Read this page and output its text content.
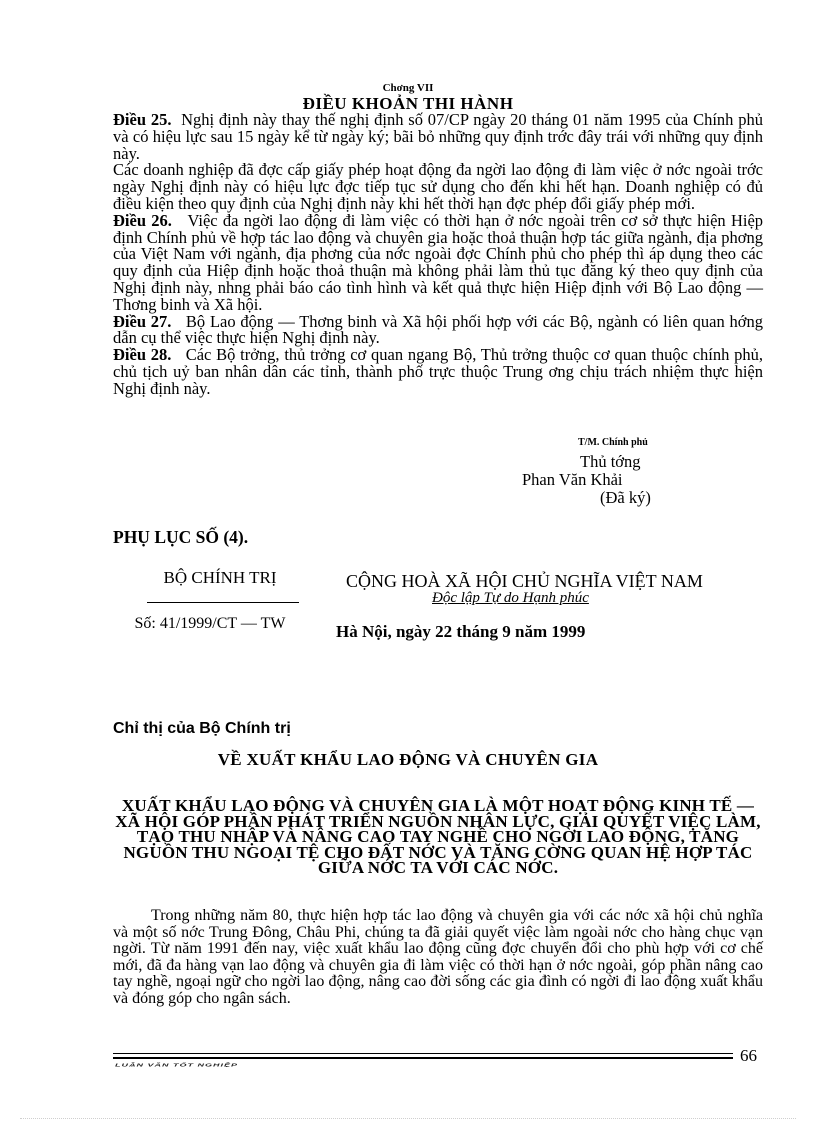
Chơng VII
ĐIỀU KHOẢN THI HÀNH

Điều 25. Nghị định này thay thế nghị định số 07/CP ngày 20 tháng 01 năm 1995 của Chính phủ và có hiệu lực sau 15 ngày kể từ ngày ký; bãi bỏ những quy định trớc đây trái với những quy định này.

Các doanh nghiệp đã đợc cấp giấy phép hoạt động đa ngời lao động đi làm việc ở nớc ngoài trớc ngày Nghị định này có hiệu lực đợc tiếp tục sử dụng cho đến khi hết hạn. Doanh nghiệp có đủ điều kiện theo quy định của Nghị định này khi hết thời hạn đợc phép đổi giấy phép mới.

Điều 26. Việc đa ngời lao động đi làm việc có thời hạn ở nớc ngoài trên cơ sở thực hiện Hiệp định Chính phủ về hợp tác lao động và chuyên gia hoặc thoả thuận hợp tác giữa ngành, địa phơng của Việt Nam với ngành, địa phơng của nớc ngoài đợc Chính phủ cho phép thì áp dụng theo các quy định của Hiệp định hoặc thoả thuận mà không phải làm thủ tục đăng ký theo quy định của Nghị định này, nhng phải báo cáo tình hình và kết quả thực hiện Hiệp định với Bộ Lao động — Thơng binh và Xã hội.

Điều 27. Bộ Lao động — Thơng binh và Xã hội phối hợp với các Bộ, ngành có liên quan hớng dẫn cụ thể việc thực hiện Nghị định này.

Điều 28. Các Bộ trởng, thủ trởng cơ quan ngang Bộ, Thủ trởng thuộc cơ quan thuộc chính phủ, chủ tịch uỷ ban nhân dân các tỉnh, thành phố trực thuộc Trung ơng chịu trách nhiệm thực hiện Nghị định này.

T/M. Chính phủ
Thủ tớng
Phan Văn Khải
(Đã ký)
PHỤ LỤC SỐ (4).
BỘ CHÍNH TRỊ
Số: 41/1999/CT — TW
CỘNG HOÀ XÃ HỘI CHỦ NGHĨA VIỆT NAM
Độc lập Tự do Hạnh phúc
Hà Nội, ngày 22 tháng 9 năm 1999
Chỉ thị của Bộ Chính trị
VỀ XUẤT KHẨU LAO ĐỘNG VÀ CHUYÊN GIA
XUẤT KHẨU LAO ĐỘNG VÀ CHUYÊN GIA LÀ MỘT HOẠT ĐỘNG KINH TẾ — XÃ HỘI GÓP PHẦN PHÁT TRIỂN NGUỒN NHÂN LỰC, GIẢI QUYẾT VIỆC LÀM, TẠO THU NHẬP VÀ NÂNG CAO TAY NGHỀ CHO NGỜI LAO ĐỘNG, TĂNG NGUỒN THU NGOẠI TỆ CHO ĐẤT NỚC VÀ TĂNG CỜNG QUAN HỆ HỢP TÁC GIỮA NỚC TA VỚI CÁC NỚC.

Trong những năm 80, thực hiện hợp tác lao động và chuyên gia với các nớc xã hội chủ nghĩa và một số nớc Trung Đông, Châu Phi, chúng ta đã giải quyết việc làm ngoài nớc cho hàng chục vạn ngời. Từ năm 1991 đến nay, việc xuất khẩu lao động cũng đợc chuyển đổi cho phù hợp với cơ chế mới, đã đa hàng vạn lao động và chuyên gia đi làm việc có thời hạn ở nớc ngoài, góp phần nâng cao tay nghề, ngoại ngữ cho ngời lao động, nâng cao đời sống các gia đình có ngời đi lao động xuất khẩu và đóng góp cho ngân sách.

LUẬN VĂN TỐT NGHIỆP	66
